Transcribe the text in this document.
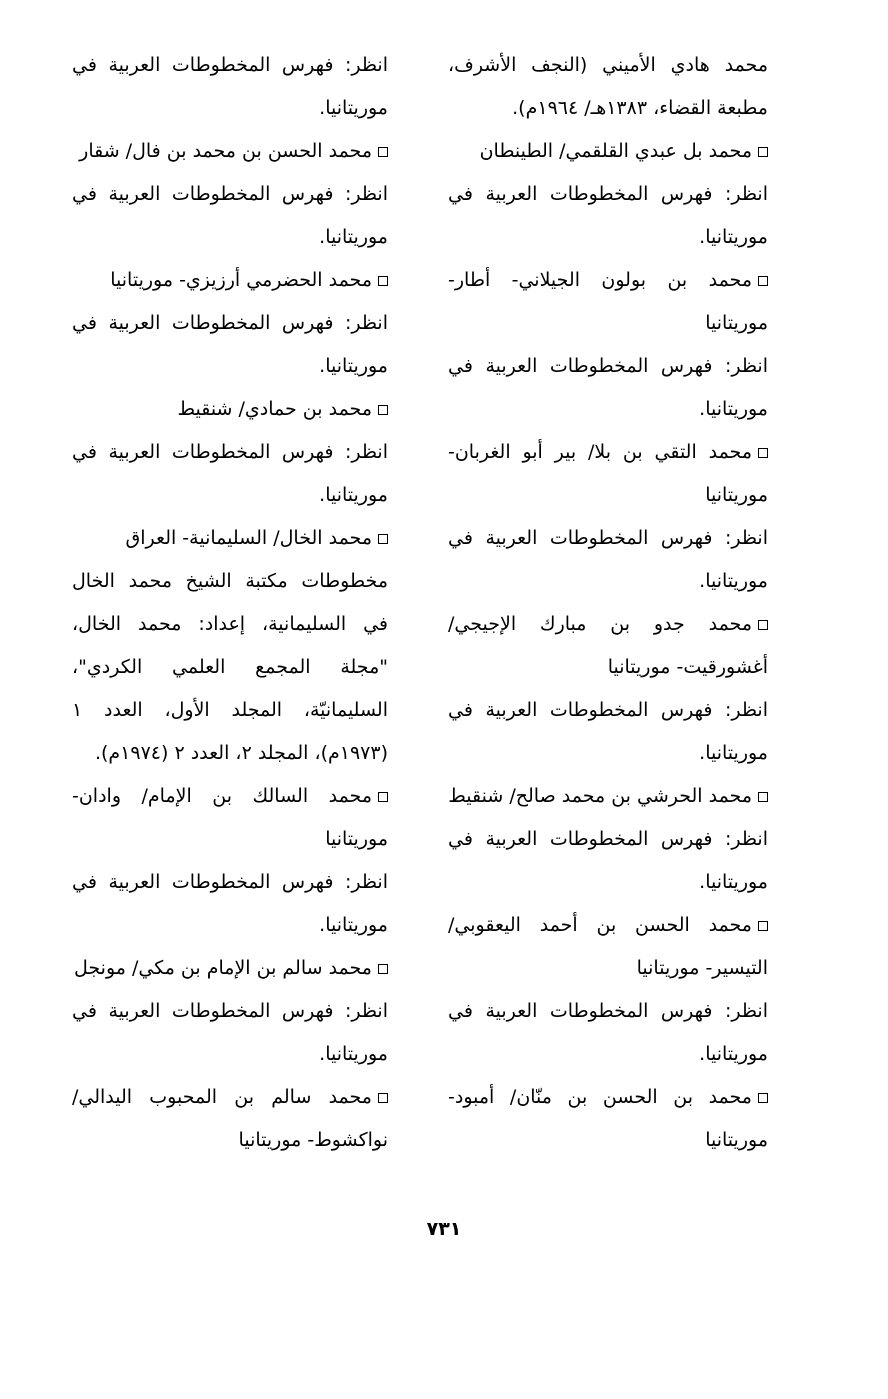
محمد هادي الأميني (النجف الأشرف، مطبعة القضاء، ١٣٨٣هـ/ ١٩٦٤م).
محمد بل عبدي القلقمي/ الطينطان
انظر: فهرس المخطوطات العربية في موريتانيا.
محمد بن بولون الجيلاني- أطار- موريتانيا
انظر: فهرس المخطوطات العربية في موريتانيا.
محمد التقي بن بلا/ بير أبو الغربان- موريتانيا
انظر: فهرس المخطوطات العربية في موريتانيا.
محمد جدو بن مبارك الإجيجي/ أغشورقيت- موريتانيا
انظر: فهرس المخطوطات العربية في موريتانيا.
محمد الحرشي بن محمد صالح/ شنقيط
انظر: فهرس المخطوطات العربية في موريتانيا.
محمد الحسن بن أحمد اليعقوبي/ التيسير- موريتانيا
انظر: فهرس المخطوطات العربية في موريتانيا.
محمد بن الحسن بن منّان/ أمبود- موريتانيا
انظر: فهرس المخطوطات العربية في موريتانيا.
محمد الحسن بن محمد بن فال/ شقار
انظر: فهرس المخطوطات العربية في موريتانيا.
محمد الحضرمي أرزيزي- موريتانيا
انظر: فهرس المخطوطات العربية في موريتانيا.
محمد بن حمادي/ شنقيط
انظر: فهرس المخطوطات العربية في موريتانيا.
محمد الخال/ السليمانية- العراق
مخطوطات مكتبة الشيخ محمد الخال في السليمانية، إعداد: محمد الخال، "مجلة المجمع العلمي الكردي"، السليمانيّة، المجلد الأول، العدد ١ (١٩٧٣م)، المجلد ٢، العدد ٢ (١٩٧٤م).
محمد السالك بن الإمام/ وادان- موريتانيا
انظر: فهرس المخطوطات العربية في موريتانيا.
محمد سالم بن الإمام بن مكي/ مونجل
انظر: فهرس المخطوطات العربية في موريتانيا.
محمد سالم بن المحبوب اليدالي/ نواكشوط- موريتانيا
٧٣١
